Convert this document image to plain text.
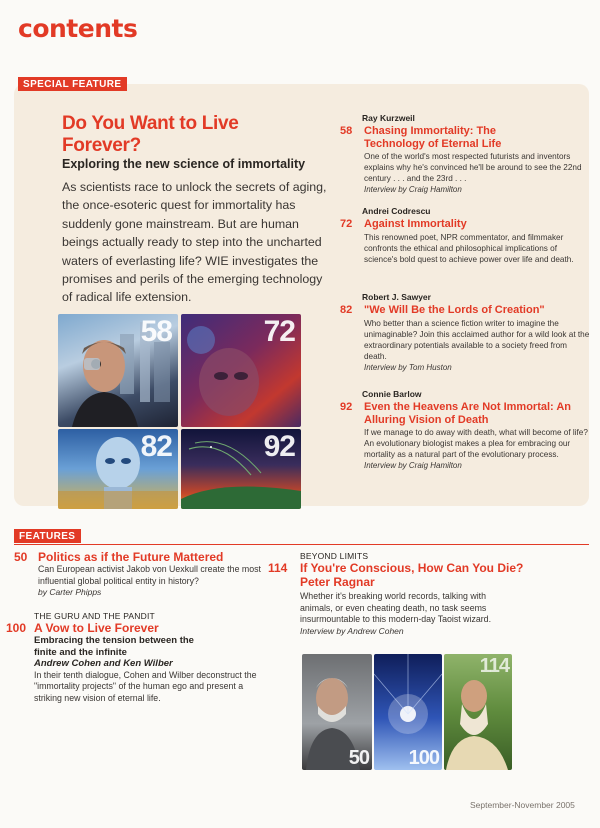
contents
SPECIAL FEATURE
Do You Want to Live Forever?
Exploring the new science of immortality
As scientists race to unlock the secrets of aging, the once-esoteric quest for immortality has suddenly gone mainstream. But are human beings actually ready to step into the uncharted waters of everlasting life? WIE investigates the promises and perils of the emerging technology of radical life extension.
58	72
82	92
Ray Kurzweil
58 Chasing Immortality: The Technology of Eternal Life
One of the world's most respected futurists and inventors explains why he's convinced he'll be around to see the 22nd century . . . and the 23rd . . .
Interview by Craig Hamilton
Andrei Codrescu
72 Against Immortality
This renowned poet, NPR commentator, and filmmaker confronts the ethical and philosophical implications of science's bold quest to achieve power over life and death.
Robert J. Sawyer
82 "We Will Be the Lords of Creation"
Who better than a science fiction writer to imagine the unimaginable? Join this acclaimed author for a wild look at the extraordinary potentials available to a society freed from death.
Interview by Tom Huston
Connie Barlow
92 Even the Heavens Are Not Immortal: An Alluring Vision of Death
If we manage to do away with death, what will become of life? An evolutionary biologist makes a plea for embracing our mortality as a natural part of the evolutionary process.
Interview by Craig Hamilton
FEATURES
50 Politics as if the Future Mattered
Can European activist Jakob von Uexkull create the most influential global political entity in history?
by Carter Phipps
THE GURU AND THE PANDIT
100 A Vow to Live Forever
Embracing the tension between the finite and the infinite
Andrew Cohen and Ken Wilber
In their tenth dialogue, Cohen and Wilber deconstruct the "immortality projects" of the human ego and present a striking new vision of eternal life.
BEYOND LIMITS
114 If You're Conscious, How Can You Die? Peter Ragnar
Whether it's breaking world records, talking with animals, or even cheating death, no task seems insurmountable to this modern-day Taoist wizard.
Interview by Andrew Cohen
50 100
114
September-November 2005
